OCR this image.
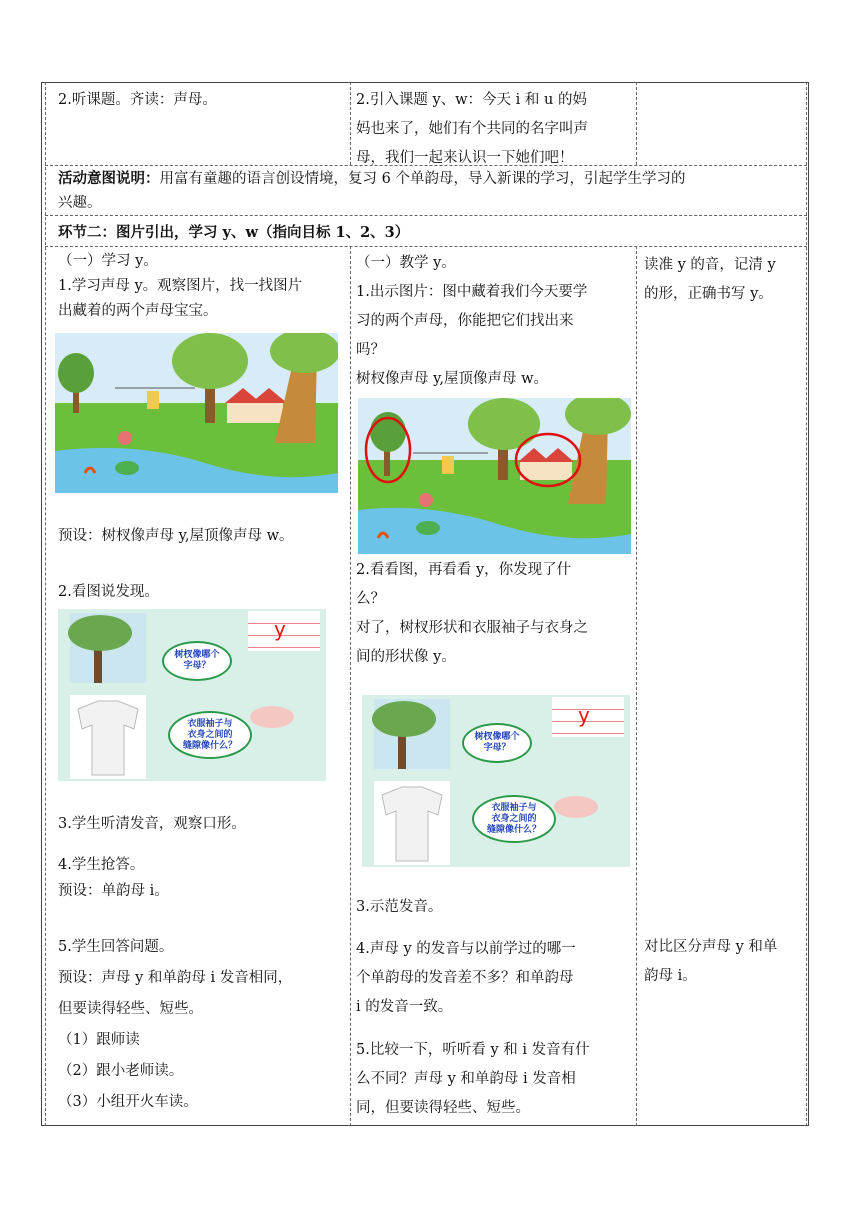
2.听课题。齐读：声母。	2.引入课题 y、w：今天 i 和 u 的妈

妈也来了，她们有个共同的名字叫声

母，我们一起来认识一下她们吧！

活动意图说明：用富有童趣的语言创设情境，复习 6 个单韵母，导入新课的学习，引起学生学习的

兴趣。

环节二：图片引出，学习 y、w（指向目标 1、2、3）

（一）学习 y。

1.学习声母 y。观察图片，找一找图片

出藏着的两个声母宝宝。

预设：树杈像声母 y,屋顶像声母 w。
2.看图说发现。
y
树杈像哪个
字母？
衣服袖子与
衣身之间的
缝隙像什么？
3.学生听清发音，观察口形。

4.学生抢答。

预设：单韵母 i。

5.学生回答问题。

预设：声母 y 和单韵母 i 发音相同，

但要读得轻些、短些。

（1）跟师读

（2）跟小老师读。

（3）小组开火车读。

（一）教学 y。

1.出示图片：图中藏着我们今天要学

习的两个声母，你能把它们找出来

吗？

树杈像声母 y,屋顶像声母 w。

2.看看图，再看看 y，你发现了什

么？

对了，树杈形状和衣服袖子与衣身之

间的形状像 y。

y
树杈像哪个
字母？
衣服袖子与
衣身之间的
缝隙像什么？
3.示范发音。

4.声母 y 的发音与以前学过的哪一

个单韵母的发音差不多？和单韵母

i 的发音一致。

5.比较一下，听听看 y 和 i 发音有什

么不同？声母 y 和单韵母 i 发音相

同，但要读得轻些、短些。

读准 y 的音，记清 y

的形，正确书写 y。

对比区分声母 y 和单

韵母 i。
